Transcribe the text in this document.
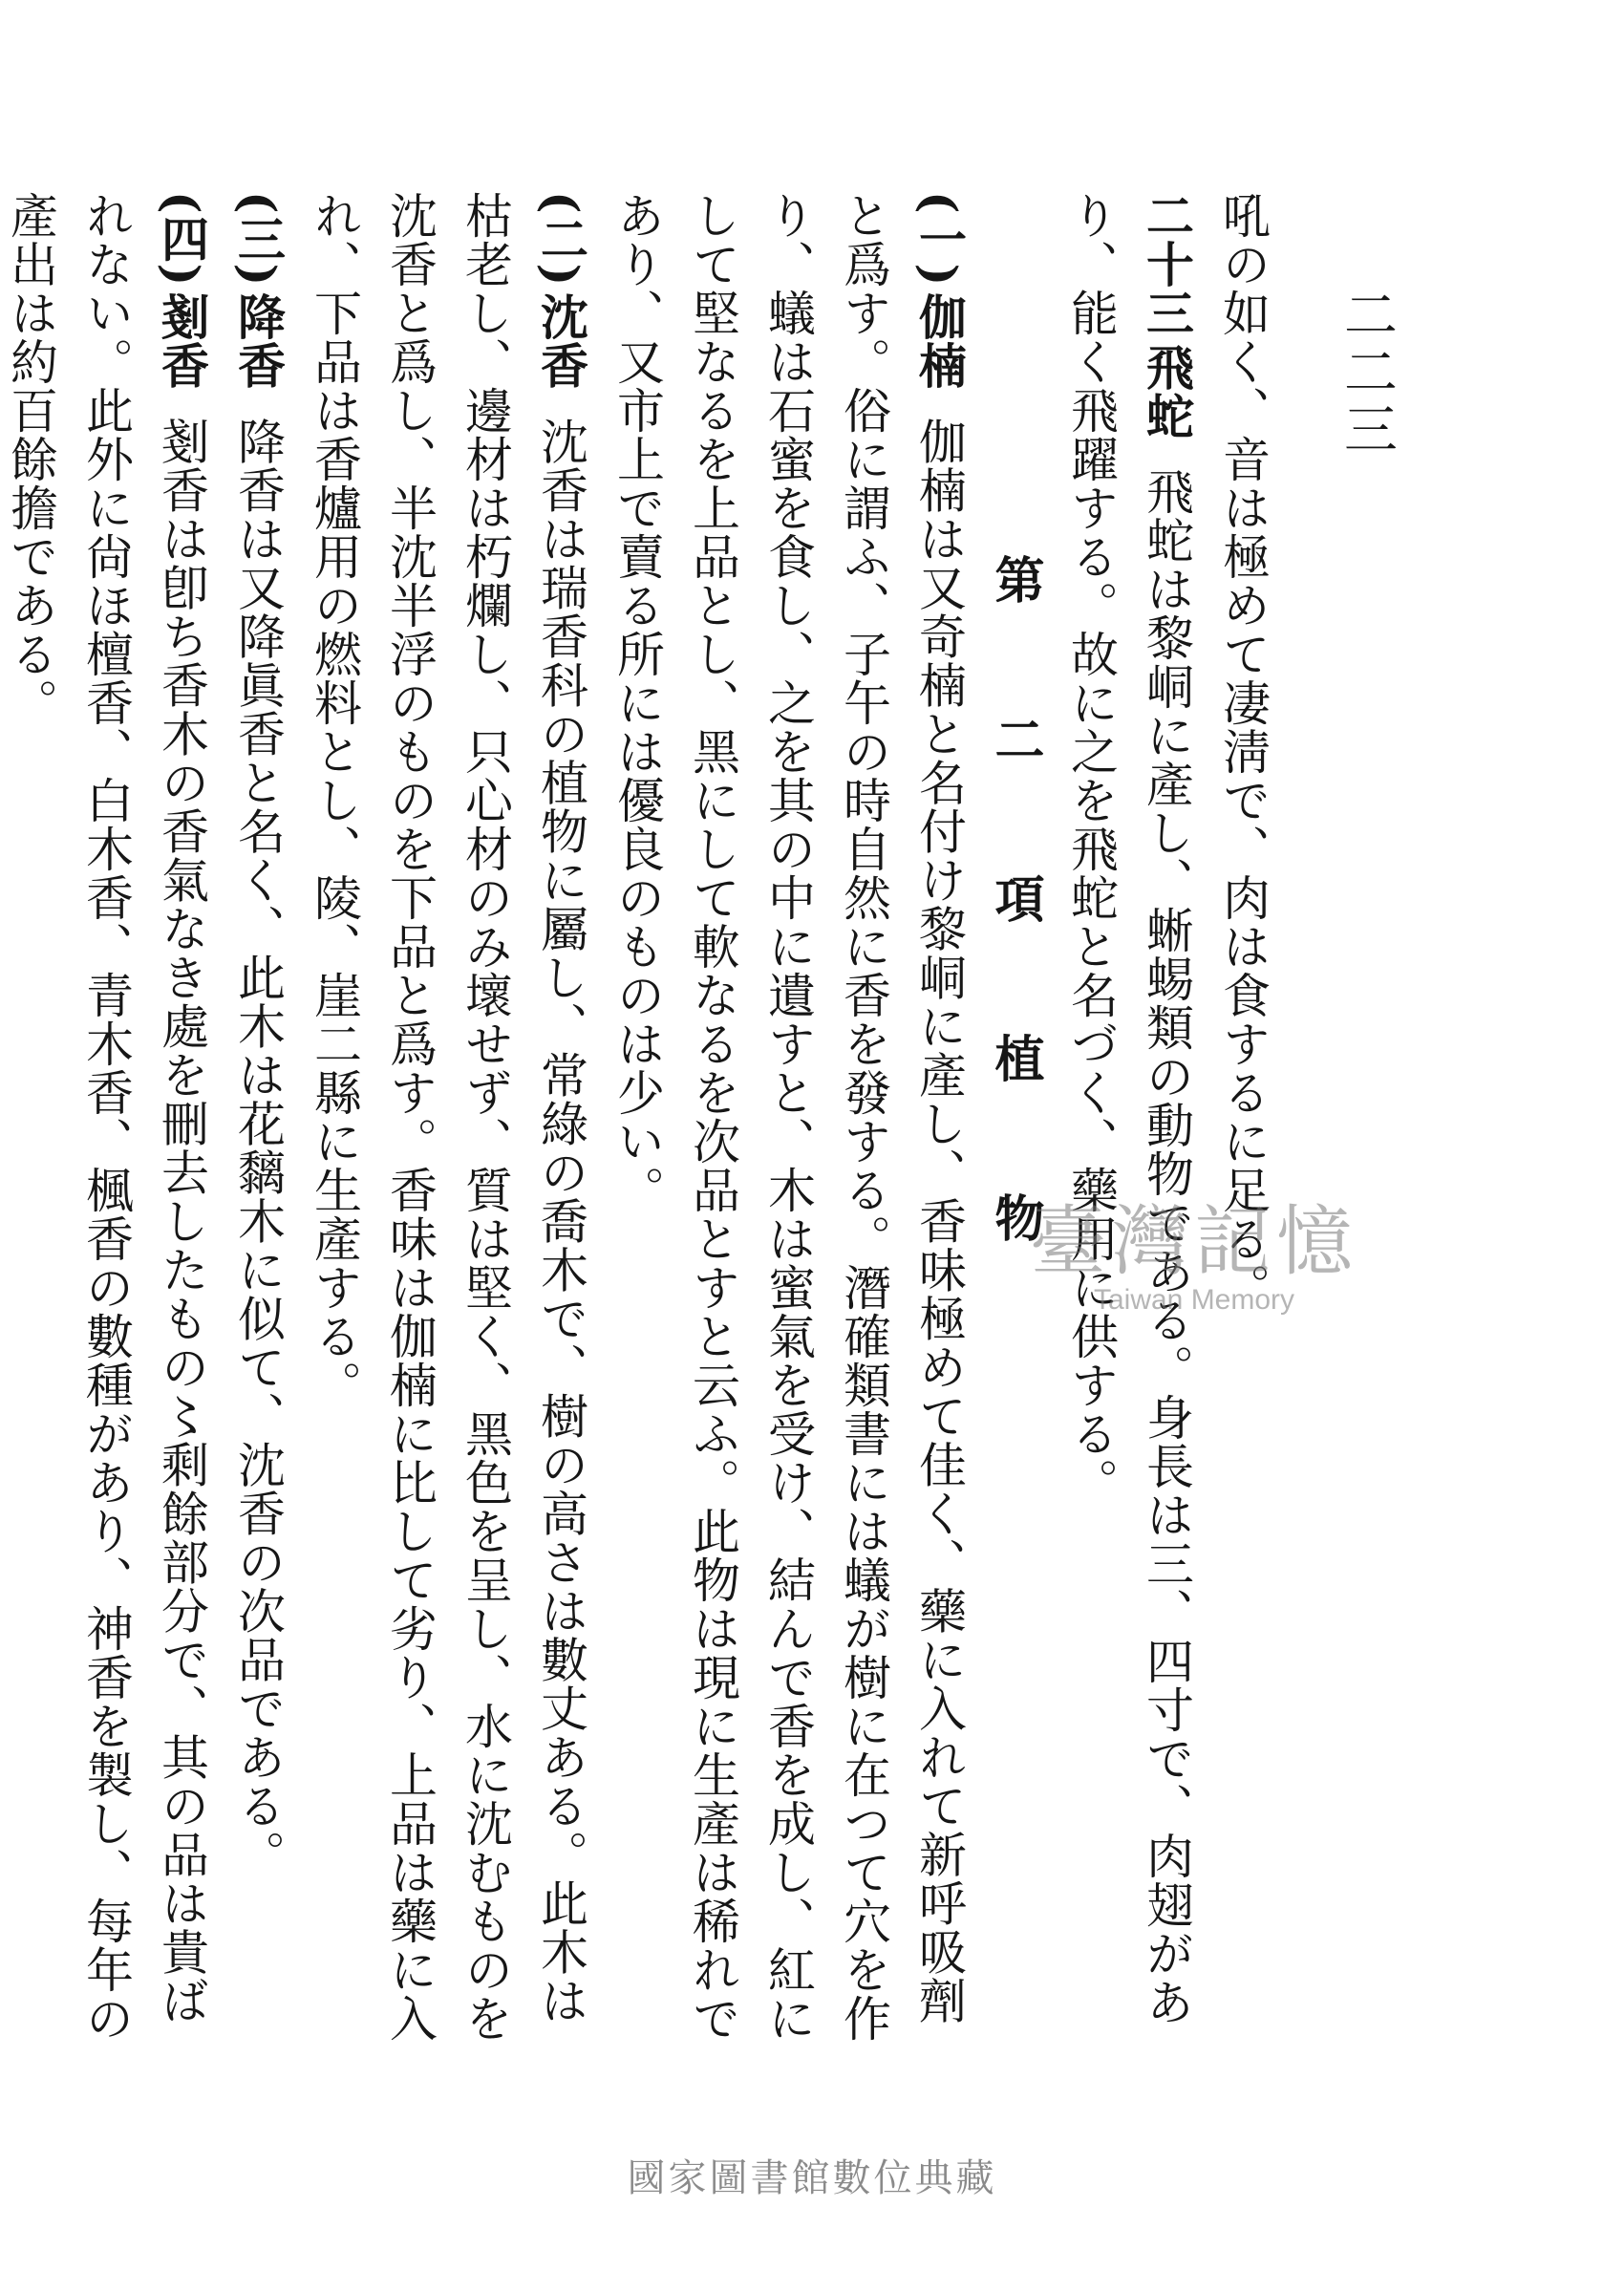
二二三

吼の如く、音は極めて凄淸で、肉は食するに足る。

二十三飛蛇飛蛇は黎峒に產し、蜥蜴類の動物である。身長は三、四寸で、肉翅があり、能く飛躍する。故に之を飛蛇と名づく、藥用に供する。

第二項植物

(一)伽楠伽楠は又奇楠と名付け黎峒に產し、香味極めて佳く、藥に入れて新呼吸劑と爲す。俗に謂ふ、子午の時自然に香を發する。潛確類書には蟻が樹に在つて穴を作り、蟻は石蜜を食し、之を其の中に遺すと、木は蜜氣を受け、結んで香を成し、紅にして堅なるを上品とし、黑にして軟なるを次品とすと云ふ。此物は現に生產は稀れであり、又市上で賣る所には優良のものは少い。

(二)沈香沈香は瑞香科の植物に屬し、常綠の喬木で、樹の高さは數丈ある。此木は枯老し、邊材は朽爛し、只心材のみ壞せず、質は堅く、黑色を呈し、水に沈むものを沈香と爲し、半沈半浮のものを下品と爲す。香味は伽楠に比して劣り、上品は藥に入れ、下品は香爐用の燃料とし、陵、崖二縣に生產する。

(三)降香降香は又降眞香と名く、此木は花黐木に似て、沈香の次品である。

(四)剗香剗香は卽ち香木の香氣なき處を刪去したもの〻剩餘部分で、其の品は貴ばれない。此外に尙ほ檀香、白木香、青木香、楓香の數種があり、神香を製し、每年の產出は約百餘擔である。

臺灣記憶
Taiwan Memory
國家圖書館數位典藏
